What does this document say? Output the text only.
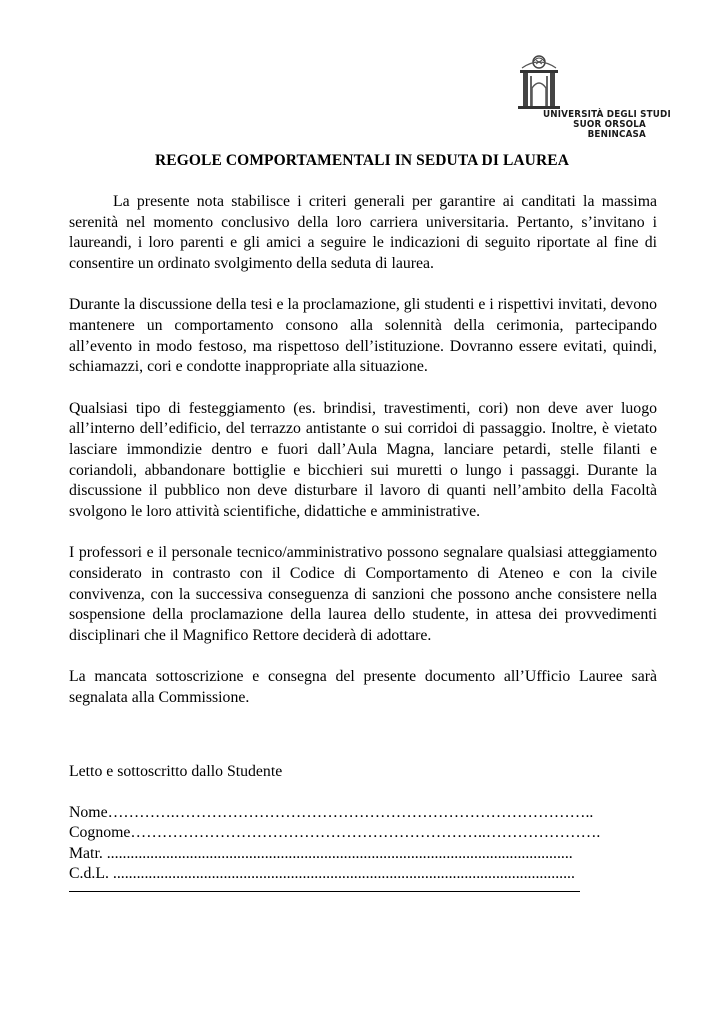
UNIVERSITÀ DEGLI STUDI
SUOR ORSOLA
BENINCASA
REGOLE COMPORTAMENTALI IN SEDUTA DI LAUREA

La presente nota stabilisce i criteri generali per garantire ai canditati la massima serenità nel momento conclusivo della loro carriera universitaria. Pertanto, s’invitano i laureandi, i loro parenti e gli amici a seguire le indicazioni di seguito riportate al fine di consentire un ordinato svolgimento della seduta di laurea.

Durante la discussione della tesi e la proclamazione, gli studenti e i rispettivi invitati, devono mantenere un comportamento consono alla solennità della cerimonia, partecipando all’evento in modo festoso, ma rispettoso dell’istituzione. Dovranno essere evitati, quindi, schiamazzi, cori e condotte inappropriate alla situazione.

Qualsiasi tipo di festeggiamento (es. brindisi, travestimenti, cori) non deve aver luogo all’interno dell’edificio, del terrazzo antistante o sui corridoi di passaggio. Inoltre, è vietato lasciare immondizie dentro e fuori dall’Aula Magna, lanciare petardi, stelle filanti e coriandoli, abbandonare bottiglie e bicchieri sui muretti o lungo i passaggi. Durante la discussione il pubblico non deve disturbare il lavoro di quanti nell’ambito della Facoltà svolgono le loro attività scientifiche, didattiche e amministrative.

I professori e il personale tecnico/amministrativo possono segnalare qualsiasi atteggiamento considerato in contrasto con il Codice di Comportamento di Ateneo e con la civile convivenza, con la successiva conseguenza di sanzioni che possono anche consistere nella sospensione della proclamazione della laurea dello studente, in attesa dei provvedimenti disciplinari che il Magnifico Rettore deciderà di adottare.

La mancata sottoscrizione e consegna del presente documento all’Ufficio Lauree sarà segnalata alla Commissione.

Letto e sottoscritto dallo Studente
Nome………….……………………………………………………………………..
Cognome…………………………………………………………..………………….
Matr. ......................................................................................................................
C.d.L. .....................................................................................................................
